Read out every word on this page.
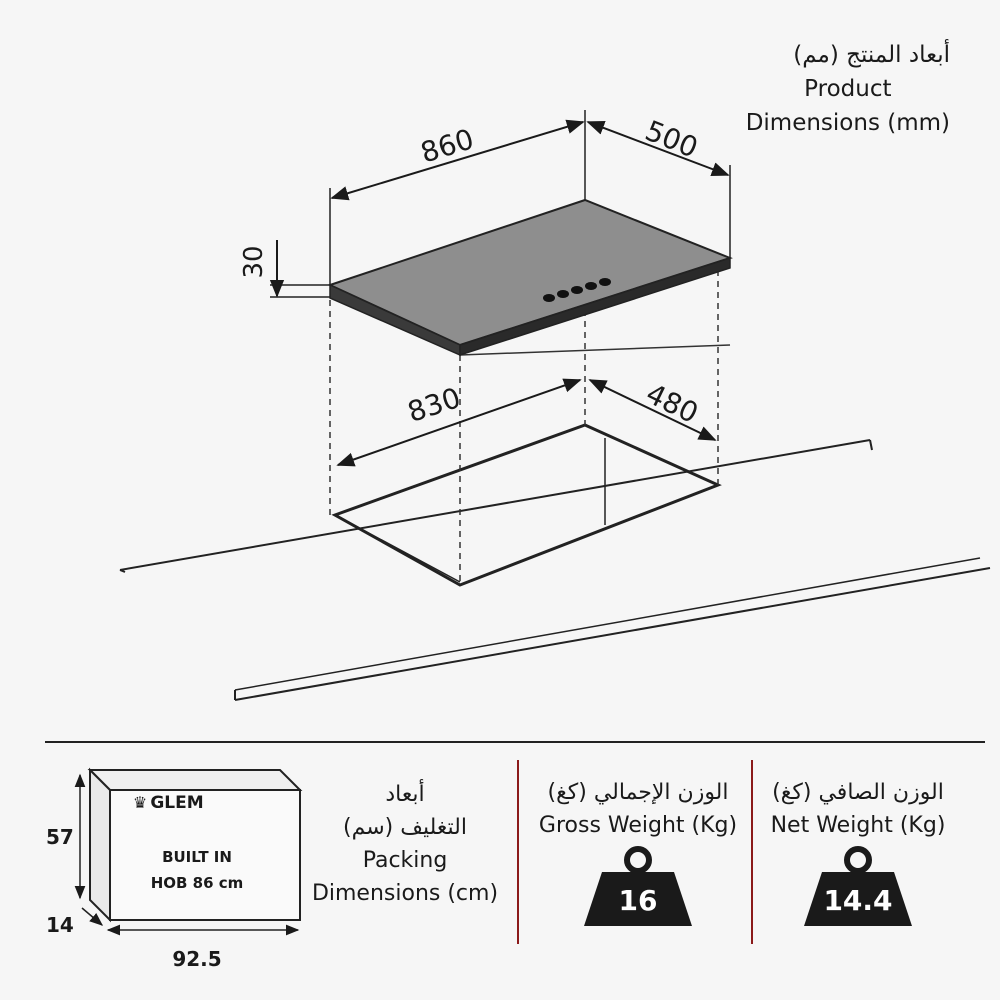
860	500
30
830	480
57
14
92.5
♛ GLEM
BUILT IN
HOB 86 cm
16	14.4
أبعاد المنتج (مم)
Product
Dimensions (mm)
أبعاد
التغليف (سم)
Packing
Dimensions (cm)
الوزن الإجمالي (كغ)
Gross Weight (Kg)
الوزن الصافي (كغ)
Net Weight (Kg)
